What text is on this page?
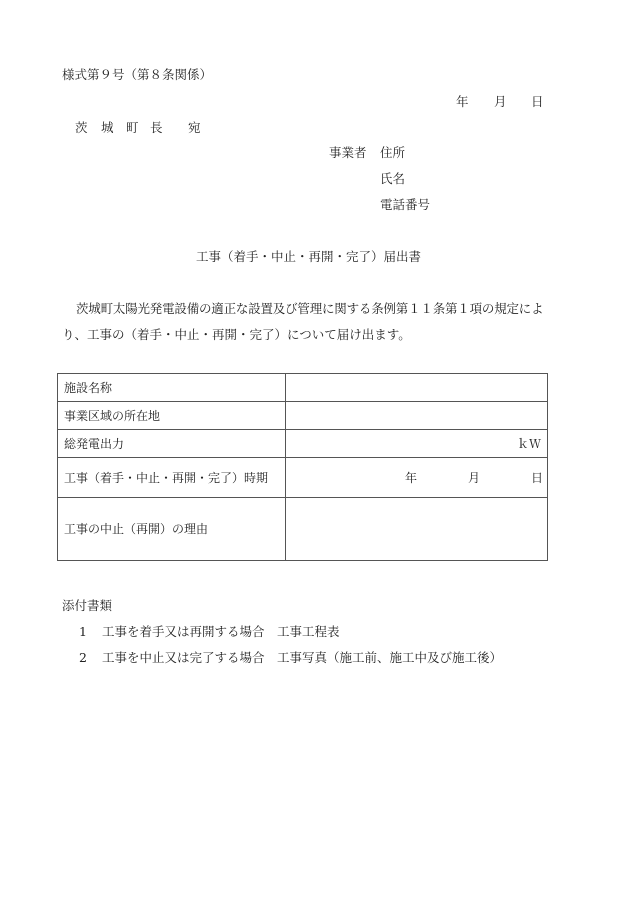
様式第９号（第８条関係）
年 月 日
茨 城 町 長 宛
事業者 住所
氏名
電話番号
工事（着手・中止・再開・完了）届出書
茨城町太陽光発電設備の適正な設置及び管理に関する条例第１１条第１項の規定によ
り、工事の（着手・中止・再開・完了）について届け出ます。
施設名称	
事業区域の所在地	
総発電出力	ｋＷ
工事（着手・中止・再開・完了）時期	年 月 日

工事の中止（再開）の理由	
添付書類
1 工事を着手又は再開する場合 工事工程表
2 工事を中止又は完了する場合 工事写真（施工前、施工中及び施工後）
